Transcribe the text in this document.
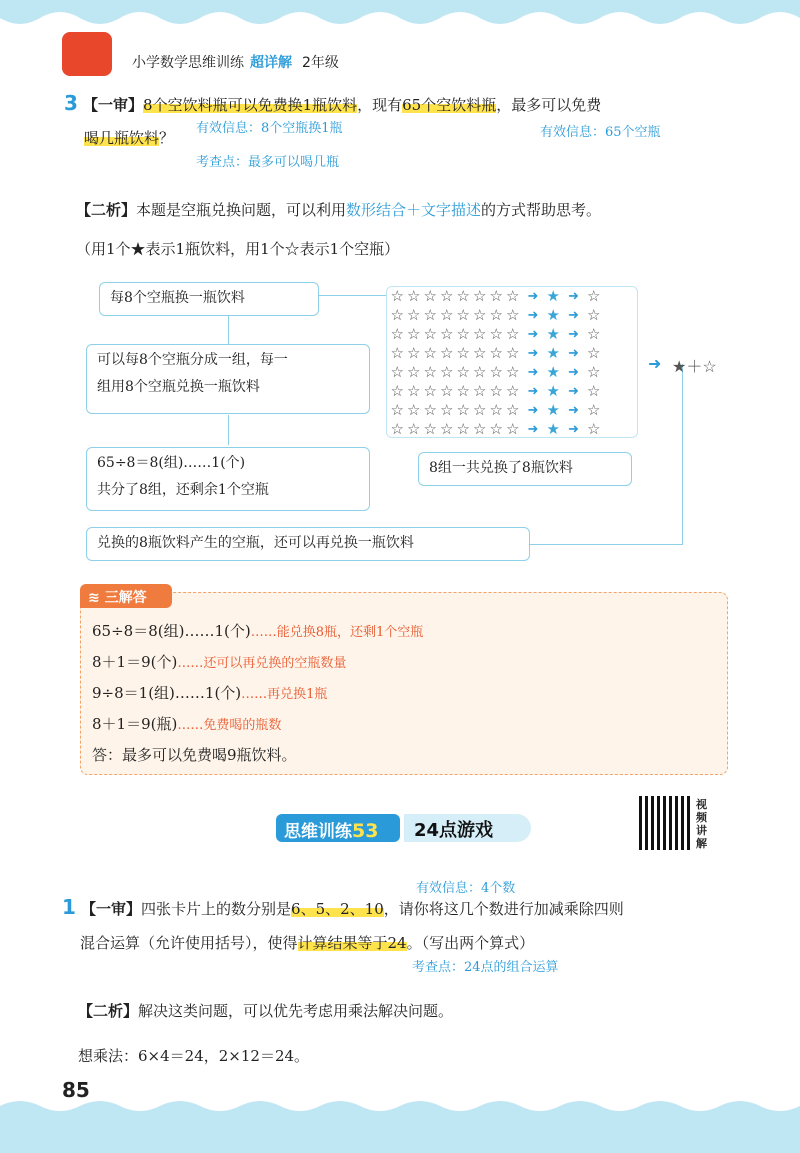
小学数学思维训练 超详解 2年级
3 【一审】8个空饮料瓶可以免费换1瓶饮料，现有65个空饮料瓶，最多可以免费
喝几瓶饮料？
有效信息：8个空瓶换1瓶	有效信息：65个空瓶
考查点：最多可以喝几瓶
【二析】本题是空瓶兑换问题，可以利用数形结合＋文字描述的方式帮助思考。
（用1个★表示1瓶饮料，用1个☆表示1个空瓶）
每8个空瓶换一瓶饮料
可以每8个空瓶分成一组，每一
组用8个空瓶兑换一瓶饮料
65÷8＝8(组)……1(个)
共分了8组，还剩余1个空瓶
8组一共兑换了8瓶饮料
兑换的8瓶饮料产生的空瓶，还可以再兑换一瓶饮料
☆ ☆ ☆ ☆ ☆ ☆ ☆ ☆ ➜ ★ ➜ ☆
☆ ☆ ☆ ☆ ☆ ☆ ☆ ☆ ➜ ★ ➜ ☆
☆ ☆ ☆ ☆ ☆ ☆ ☆ ☆ ➜ ★ ➜ ☆
☆ ☆ ☆ ☆ ☆ ☆ ☆ ☆ ➜ ★ ➜ ☆
☆ ☆ ☆ ☆ ☆ ☆ ☆ ☆ ➜ ★ ➜ ☆
☆ ☆ ☆ ☆ ☆ ☆ ☆ ☆ ➜ ★ ➜ ☆
☆ ☆ ☆ ☆ ☆ ☆ ☆ ☆ ➜ ★ ➜ ☆
☆ ☆ ☆ ☆ ☆ ☆ ☆ ☆ ➜ ★ ➜ ☆
➜ ★＋☆
≋ 三解答
65÷8＝8(组)……1(个)……能兑换8瓶，还剩1个空瓶
8＋1＝9(个)……还可以再兑换的空瓶数量
9÷8＝1(组)……1(个)……再兑换1瓶
8＋1＝9(瓶)……免费喝的瓶数
答：最多可以免费喝9瓶饮料。
思维训练53	24点游戏
视频讲解
有效信息：4个数
1 【一审】四张卡片上的数分别是6、5、2、10，请你将这几个数进行加减乘除四则
混合运算（允许使用括号），使得计算结果等于24。（写出两个算式）
考查点：24点的组合运算
【二析】解决这类问题，可以优先考虑用乘法解决问题。
想乘法：6×4＝24，2×12＝24。
85
